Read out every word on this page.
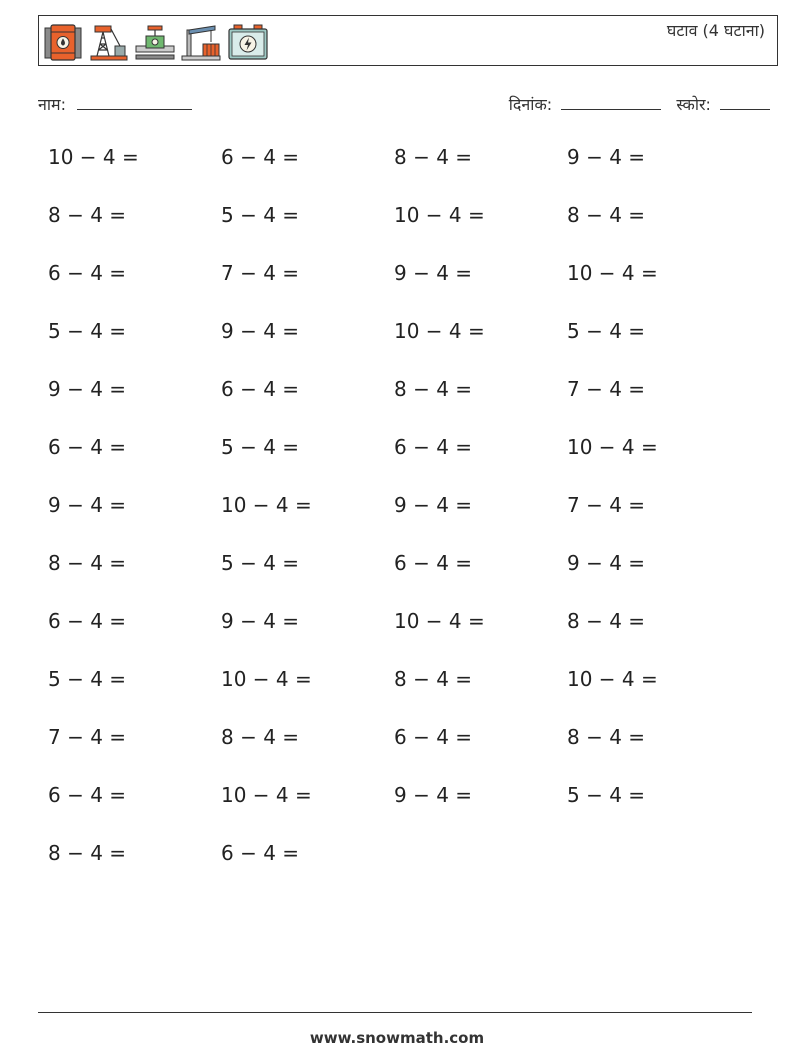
घटाव (4 घटाना)
नाम:	दिनांक:	स्कोर:
10 − 4 =	6 − 4 =	8 − 4 =	9 − 4 =
8 − 4 =	5 − 4 =	10 − 4 =	8 − 4 =
6 − 4 =	7 − 4 =	9 − 4 =	10 − 4 =
5 − 4 =	9 − 4 =	10 − 4 =	5 − 4 =
9 − 4 =	6 − 4 =	8 − 4 =	7 − 4 =
6 − 4 =	5 − 4 =	6 − 4 =	10 − 4 =
9 − 4 =	10 − 4 =	9 − 4 =	7 − 4 =
8 − 4 =	5 − 4 =	6 − 4 =	9 − 4 =
6 − 4 =	9 − 4 =	10 − 4 =	8 − 4 =
5 − 4 =	10 − 4 =	8 − 4 =	10 − 4 =
7 − 4 =	8 − 4 =	6 − 4 =	8 − 4 =
6 − 4 =	10 − 4 =	9 − 4 =	5 − 4 =
8 − 4 =	6 − 4 =
www.snowmath.com
